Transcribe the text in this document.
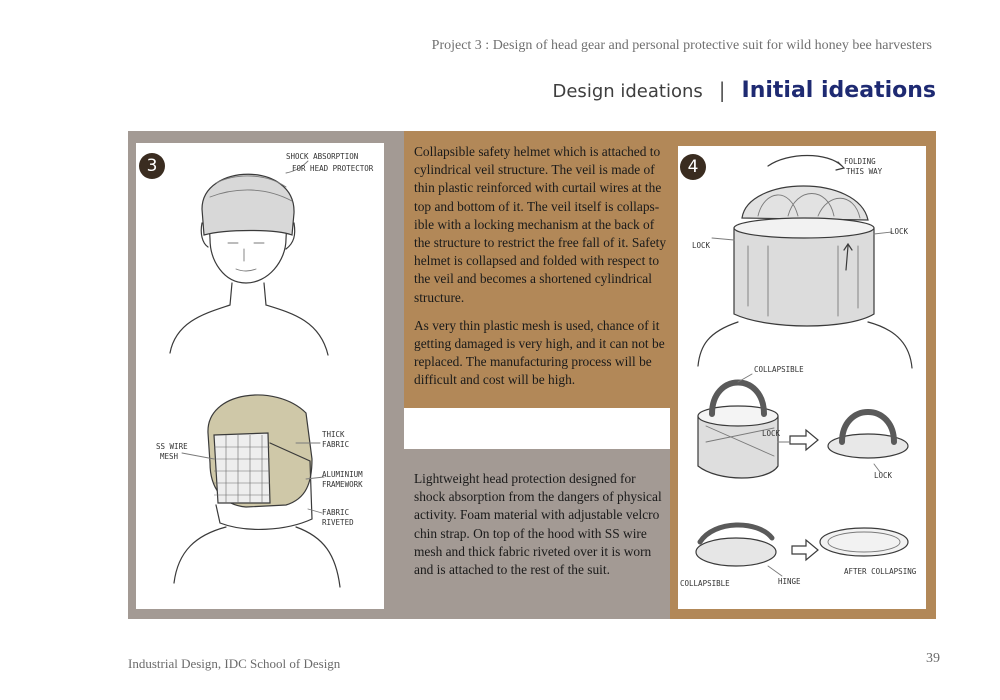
Project 3 : Design of head gear and personal protective suit for wild honey bee harvesters
Design ideations | Initial ideations
SHOCK ABSORPTION
FOR HEAD PROTECTOR
SS WIRE
MESH
THICK
FABRIC
ALUMINIUM
FRAMEWORK
FABRIC
RIVETED
3

Collapsible safety helmet which is attached to cylindrical veil structure. The veil is made of thin plastic reinforced with curtail wires at the top and bottom of it. The veil itself is collaps-ible with a locking mechanism at the back of the structure to restrict the free fall of it. Safety helmet is collapsed and folded with respect to the veil and becomes a shortened cylindrical structure.

As very thin plastic mesh is used, chance of it getting damaged is very high, and it can not be replaced. The manufacturing process will be difficult and cost will be high.

Lightweight head protection designed for shock absorption from the dangers of physical activity. Foam material with adjustable velcro chin strap. On top of the hood with SS wire mesh and thick fabric riveted over it is worn and is attached to the rest of the suit.

FOLDING
THIS WAY
LOCK
LOCK
COLLAPSIBLE
LOCK
LOCK
COLLAPSIBLE	HINGE
AFTER COLLAPSING
4
Industrial Design, IDC School of Design	39
